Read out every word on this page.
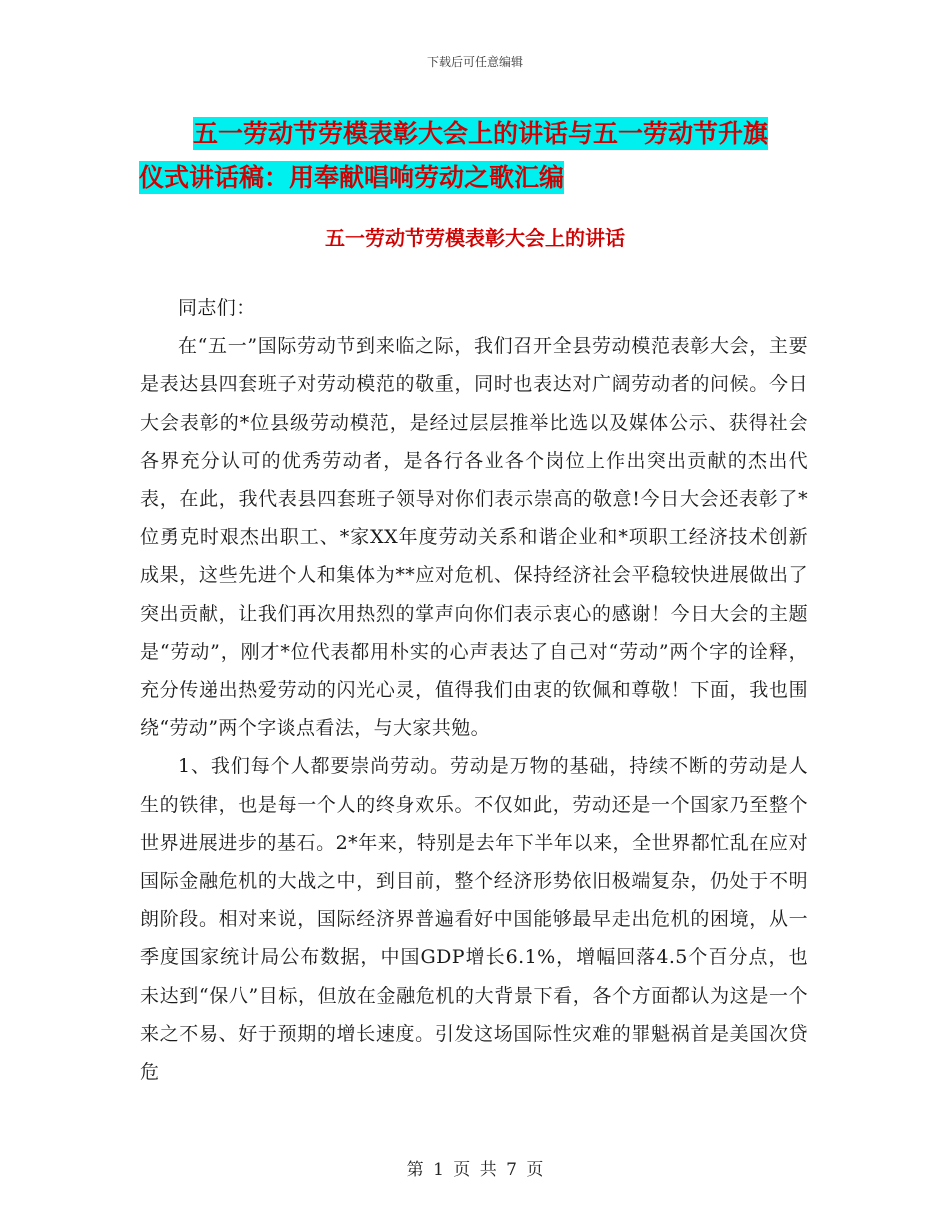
下载后可任意编辑
五一劳动节劳模表彰大会上的讲话与五一劳动节升旗
仪式讲话稿：用奉献唱响劳动之歌汇编
五一劳动节劳模表彰大会上的讲话

同志们：

在“五一”国际劳动节到来临之际，我们召开全县劳动模范表彰大会，主要是表达县四套班子对劳动模范的敬重，同时也表达对广阔劳动者的问候。今日大会表彰的*位县级劳动模范，是经过层层推举比选以及媒体公示、获得社会各界充分认可的优秀劳动者，是各行各业各个岗位上作出突出贡献的杰出代表，在此，我代表县四套班子领导对你们表示崇高的敬意!今日大会还表彰了*位勇克时艰杰出职工、*家XX年度劳动关系和谐企业和*项职工经济技术创新成果，这些先进个人和集体为**应对危机、保持经济社会平稳较快进展做出了突出贡献，让我们再次用热烈的掌声向你们表示衷心的感谢！今日大会的主题是“劳动”，刚才*位代表都用朴实的心声表达了自己对“劳动”两个字的诠释，充分传递出热爱劳动的闪光心灵，值得我们由衷的钦佩和尊敬！下面，我也围绕“劳动”两个字谈点看法，与大家共勉。

1、我们每个人都要崇尚劳动。劳动是万物的基础，持续不断的劳动是人生的铁律，也是每一个人的终身欢乐。不仅如此，劳动还是一个国家乃至整个世界进展进步的基石。2*年来，特别是去年下半年以来，全世界都忙乱在应对国际金融危机的大战之中，到目前，整个经济形势依旧极端复杂，仍处于不明朗阶段。相对来说，国际经济界普遍看好中国能够最早走出危机的困境，从一季度国家统计局公布数据，中国GDP增长6.1%，增幅回落4.5个百分点，也未达到“保八”目标，但放在金融危机的大背景下看，各个方面都认为这是一个来之不易、好于预期的增长速度。引发这场国际性灾难的罪魁祸首是美国次贷危

第 1 页 共 7 页
